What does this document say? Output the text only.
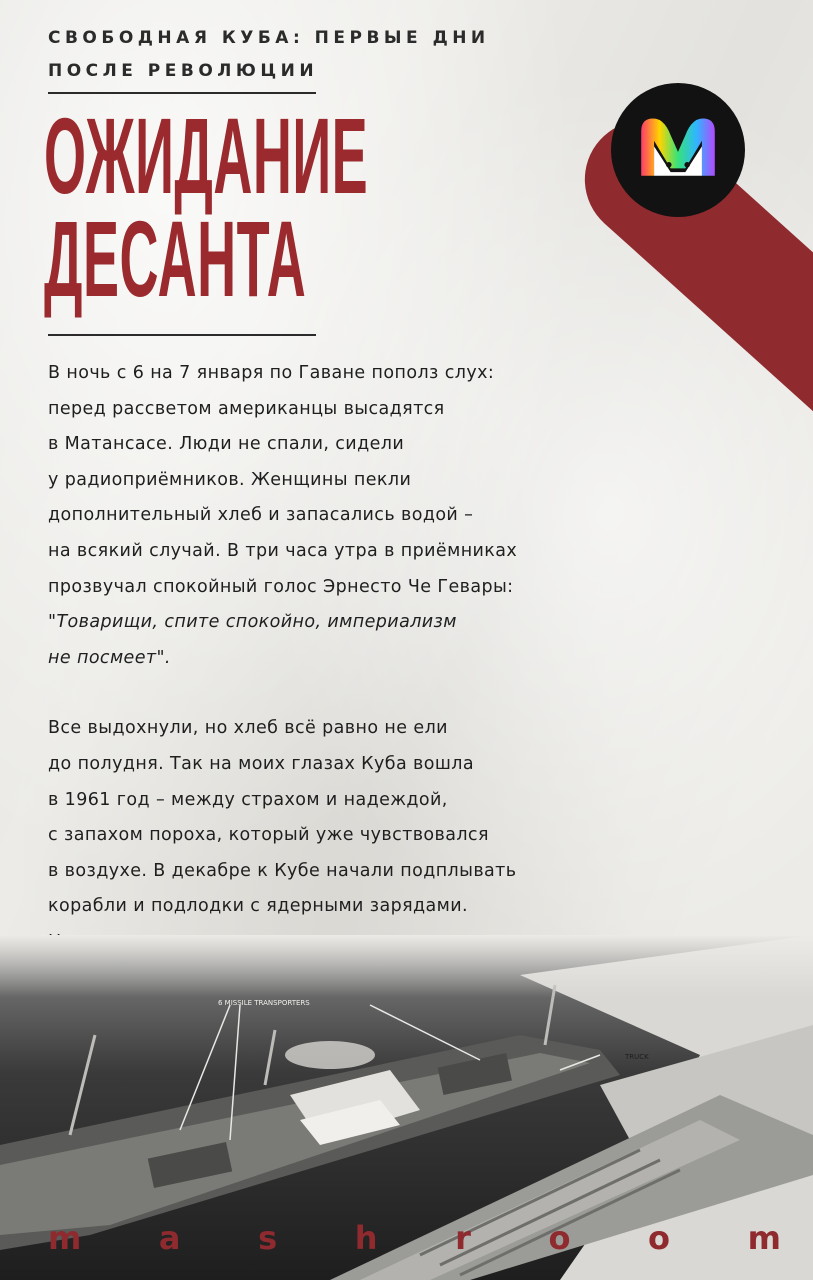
СВОБОДНАЯ КУБА: ПЕРВЫЕ ДНИ
ПОСЛЕ РЕВОЛЮЦИИ
ОЖИДАНИЕ
ДЕСАНТА

В ночь с 6 на 7 января по Гаване пополз слух:
перед рассветом американцы высадятся
в Матансасе. Люди не спали, сидели
у радиоприёмников. Женщины пекли
дополнительный хлеб и запасались водой –
на всякий случай. В три часа утра в приёмниках
прозвучал спокойный голос Эрнесто Че Гевары:
"Товарищи, спите спокойно, империализм
не посмеет".

Все выдохнули, но хлеб всё равно не ели
до полудня. Так на моих глазах Куба вошла
в 1961 год – между страхом и надеждой,
с запахом пороха, который уже чувствовался
в воздухе. В декабре к Кубе начали подплывать
корабли и подлодки с ядерными зарядами.

m a s h r o o m
